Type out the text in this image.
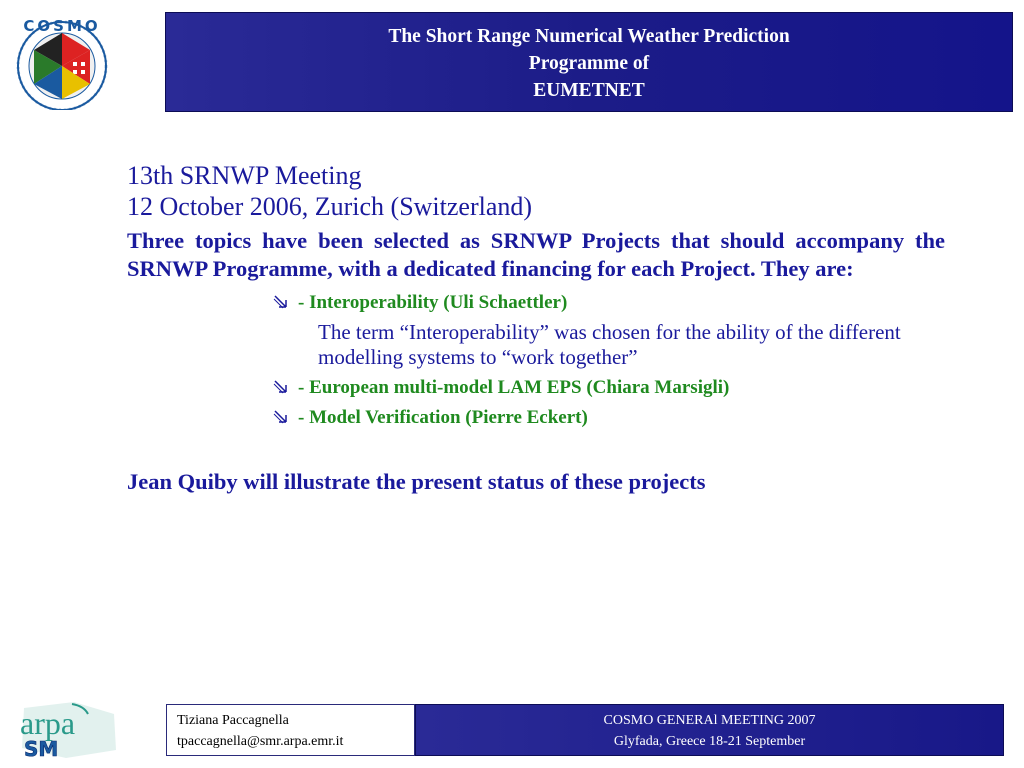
COSMO	The Short Range Numerical Weather Prediction
Programme of
EUMETNET
13th SRNWP Meeting
12 October 2006, Zurich (Switzerland)
Three topics have been selected as SRNWP Projects that should accompany the SRNWP Programme, with a dedicated financing for each Project. They are:
- Interoperability (Uli Schaettler)
The term “Interoperability” was chosen for the ability of the different modelling systems to “work together”
- European multi-model LAM EPS (Chiara Marsigli)
- Model Verification (Pierre Eckert)
Jean Quiby will illustrate the present status of these projects
arpa
SM
Tiziana Paccagnella
tpaccagnella@smr.arpa.emr.it
COSMO GENERAl MEETING 2007
Glyfada, Greece 18-21 September
